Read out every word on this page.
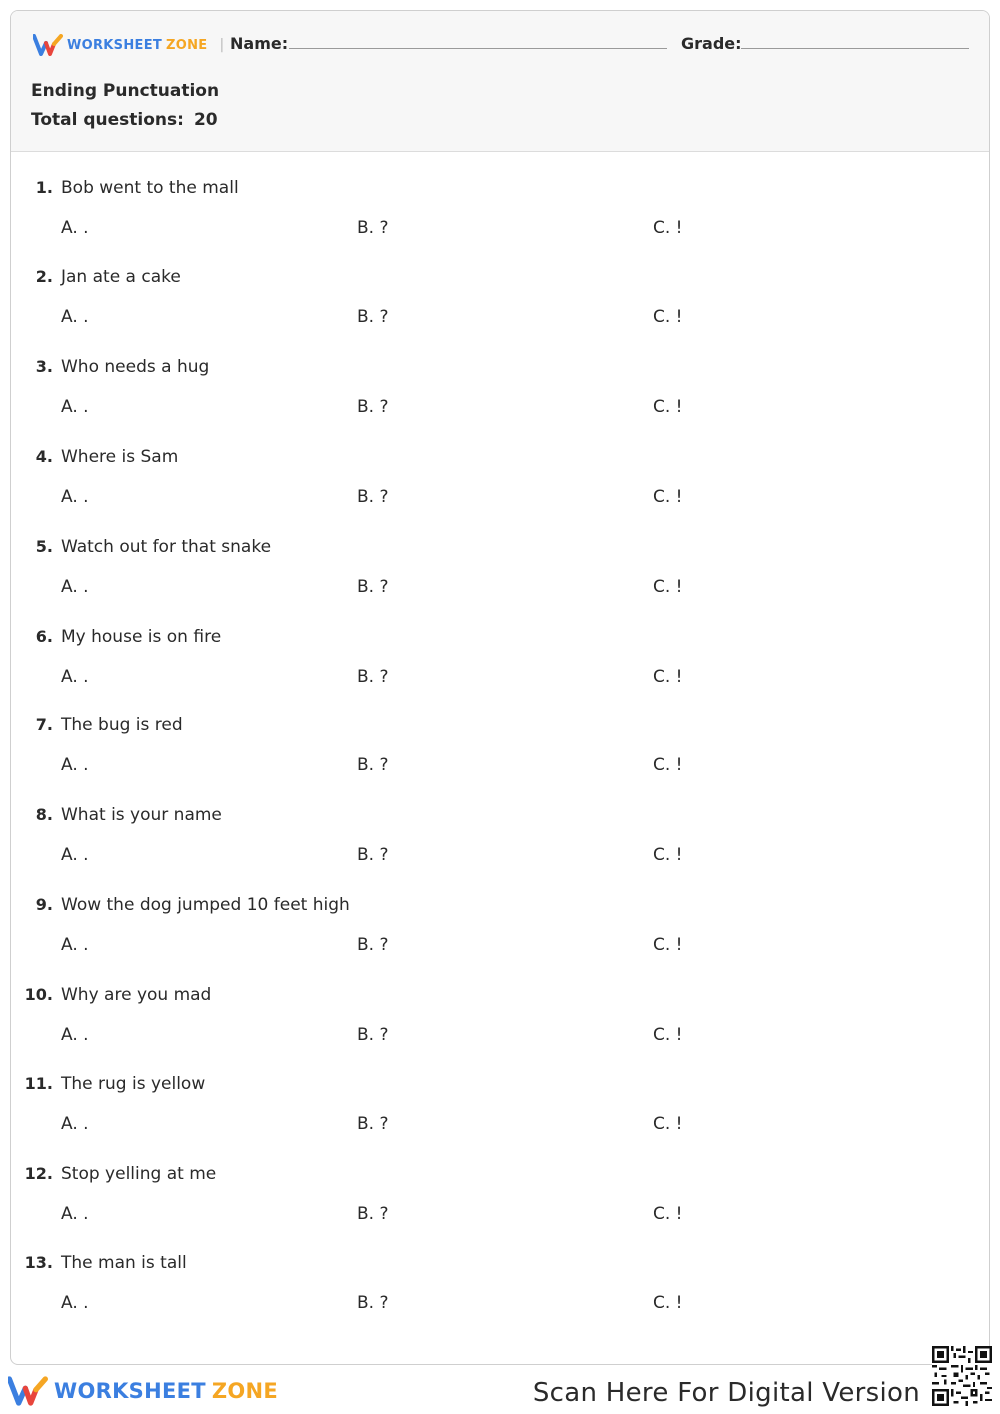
WORKSHEET ZONE | Name:	Grade:
Ending Punctuation
Total questions: 20
1. Bob went to the mall
A. .	B. ?	C. !
2. Jan ate a cake
A. .	B. ?	C. !
3. Who needs a hug
A. .	B. ?	C. !
4. Where is Sam
A. .	B. ?	C. !
5. Watch out for that snake
A. .	B. ?	C. !
6. My house is on fire
A. .	B. ?	C. !
7. The bug is red
A. .	B. ?	C. !
8. What is your name
A. .	B. ?	C. !
9. Wow the dog jumped 10 feet high
A. .	B. ?	C. !
10. Why are you mad
A. .	B. ?	C. !
11. The rug is yellow
A. .	B. ?	C. !
12. Stop yelling at me
A. .	B. ?	C. !
13. The man is tall
A. .	B. ?	C. !
WORKSHEET ZONE	Scan Here For Digital Version
